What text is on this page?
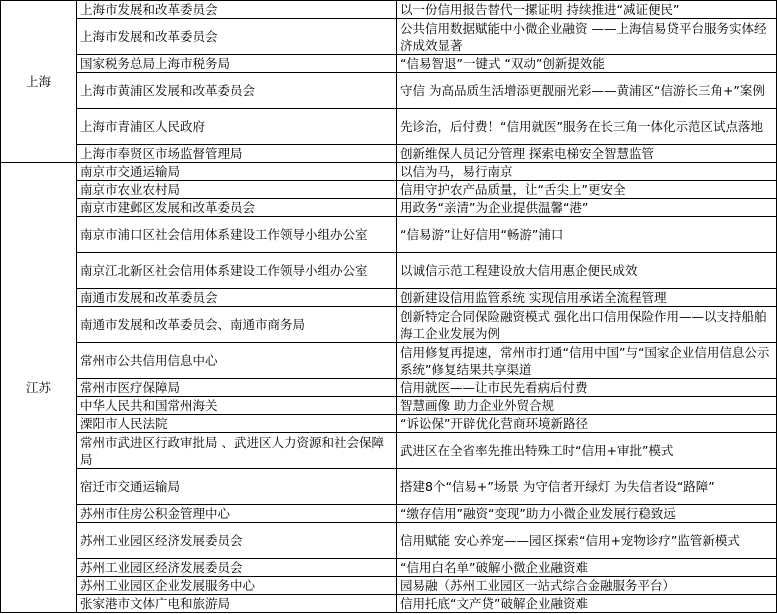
上海	上海市发展和改革委员会	以一份信用报告替代一摞证明 持续推进“减证便民”
	上海市发展和改革委员会	公共信用数据赋能中小微企业融资 ——上海信易贷平台服务实体经济成效显著
	国家税务总局上海市税务局	“信易智退”一键式 “双动”创新提效能
	上海市黄浦区发展和改革委员会	守信 为高品质生活增添更靓丽光彩——黄浦区“信游长三角+”案例
	上海市青浦区人民政府	先诊治，后付费！“信用就医”服务在长三角一体化示范区试点落地
	上海市奉贤区市场监督管理局	创新维保人员记分管理 探索电梯安全智慧监管
江苏	南京市交通运输局	以信为马，易行南京
	南京市农业农村局	信用守护农产品质量，让“舌尖上”更安全
	南京市建邺区发展和改革委员会	用政务“亲清”为企业提供温馨“港”
	南京市浦口区社会信用体系建设工作领导小组办公室	“信易游”让好信用“畅游”浦口
	南京江北新区社会信用体系建设工作领导小组办公室	以诚信示范工程建设放大信用惠企便民成效
	南通市发展和改革委员会	创新建设信用监管系统 实现信用承诺全流程管理
	南通市发展和改革委员会、南通市商务局	创新特定合同保险融资模式 强化出口信用保险作用——以支持船舶海工企业发展为例
	常州市公共信用信息中心	信用修复再提速，常州市打通“信用中国”与“国家企业信用信息公示系统”修复结果共享渠道
	常州市医疗保障局	信用就医——让市民先看病后付费
	中华人民共和国常州海关	智慧画像 助力企业外贸合规
	溧阳市人民法院	“诉讼保”开辟优化营商环境新路径
	常州市武进区行政审批局 、武进区人力资源和社会保障局	武进区在全省率先推出特殊工时“信用+审批”模式
	宿迁市交通运输局	搭建8个“信易+”场景 为守信者开绿灯 为失信者设“路障”
	苏州市住房公积金管理中心	“缴存信用”融资“变现”助力小微企业发展行稳致远
	苏州工业园区经济发展委员会	信用赋能 安心养宠——园区探索“信用+宠物诊疗”监管新模式
	苏州工业园区经济发展委员会	“信用白名单”破解小微企业融资难
	苏州工业园区企业发展服务中心	园易融（苏州工业园区一站式综合金融服务平台）
	张家港市文体广电和旅游局	信用托底“文产贷”破解企业融资难
